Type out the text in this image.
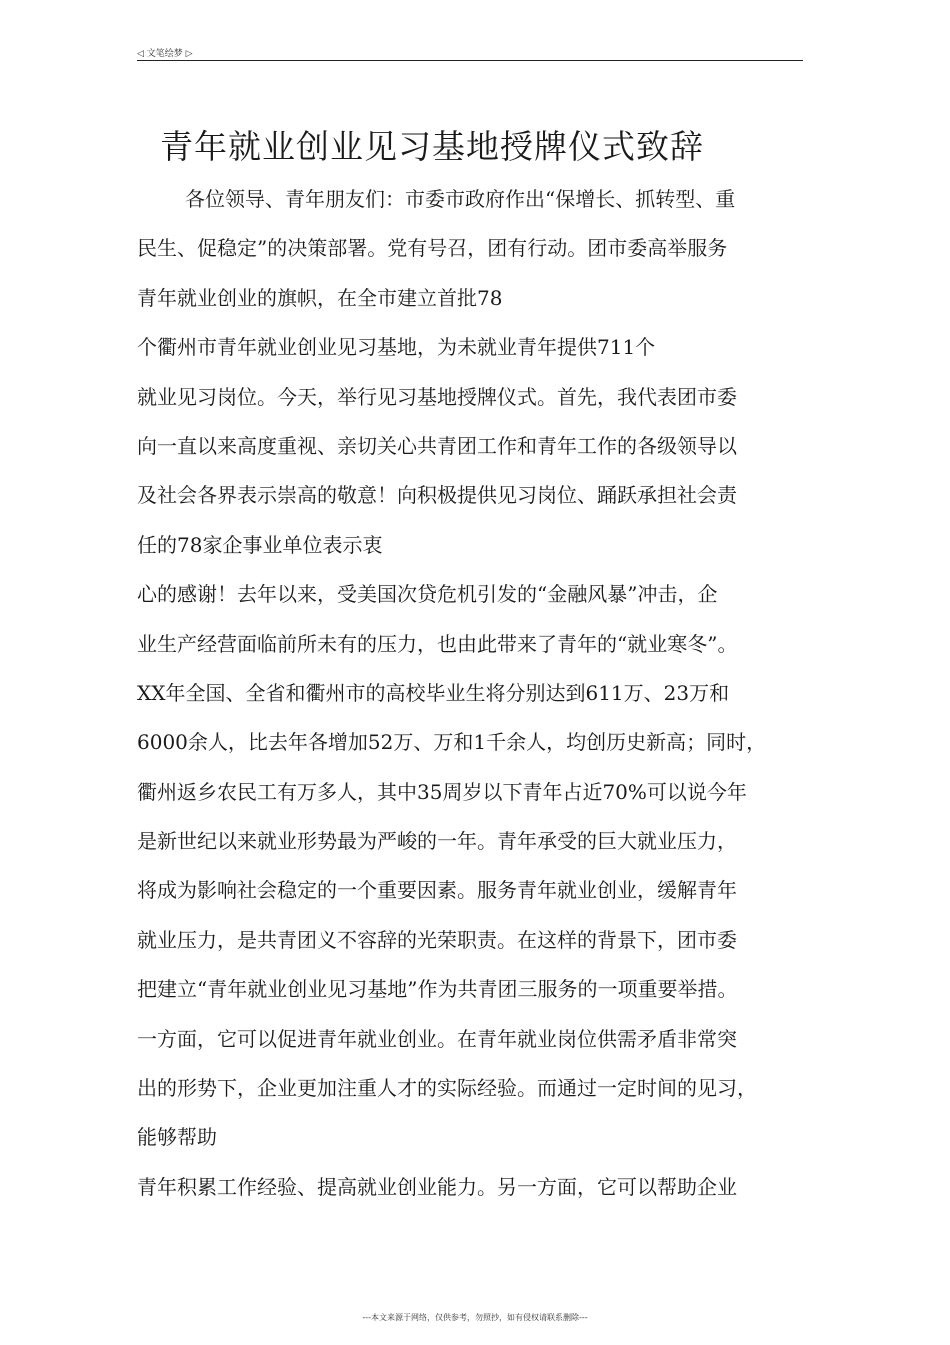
◁ 文笔绘梦 ▷
青年就业创业见习基地授牌仪式致辞
各位领导、青年朋友们：市委市政府作出“保增长、抓转型、重
民生、促稳定”的决策部署。党有号召，团有行动。团市委高举服务
青年就业创业的旗帜，在全市建立首批78
个衢州市青年就业创业见习基地，为未就业青年提供711个
就业见习岗位。今天，举行见习基地授牌仪式。首先，我代表团市委
向一直以来高度重视、亲切关心共青团工作和青年工作的各级领导以
及社会各界表示崇高的敬意！向积极提供见习岗位、踊跃承担社会责
任的78家企事业单位表示衷
心的感谢！去年以来，受美国次贷危机引发的“金融风暴”冲击，企
业生产经营面临前所未有的压力，也由此带来了青年的“就业寒冬”。
XX年全国、全省和衢州市的高校毕业生将分别达到611万、23万和
6000余人，比去年各增加52万、万和1千余人，均创历史新高；同时，
衢州返乡农民工有万多人，其中35周岁以下青年占近70%可以说今年
是新世纪以来就业形势最为严峻的一年。青年承受的巨大就业压力，
将成为影响社会稳定的一个重要因素。服务青年就业创业，缓解青年
就业压力，是共青团义不容辞的光荣职责。在这样的背景下，团市委
把建立“青年就业创业见习基地”作为共青团三服务的一项重要举措。
一方面，它可以促进青年就业创业。在青年就业岗位供需矛盾非常突
出的形势下，企业更加注重人才的实际经验。而通过一定时间的见习，
能够帮助
青年积累工作经验、提高就业创业能力。另一方面，它可以帮助企业
---本文来源于网络，仅供参考，勿照抄，如有侵权请联系删除---
